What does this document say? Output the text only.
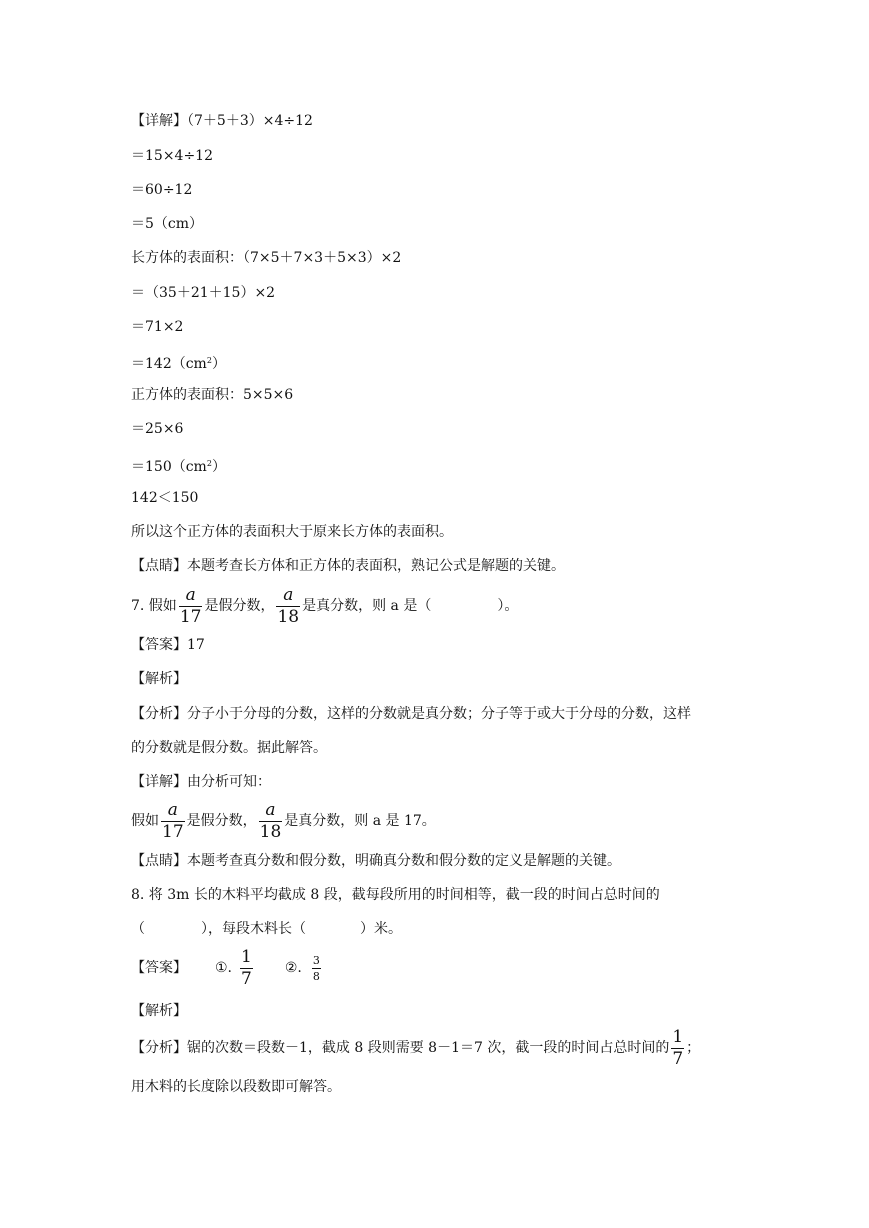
【详解】（7＋5＋3）×4÷12
＝15×4÷12
＝60÷12
＝5（cm）
长方体的表面积：（7×5＋7×3＋5×3）×2
＝（35＋21＋15）×2
＝71×2
$=142(cm^2)$
正方体的表面积：5×5×6
＝25×6
$=150(cm^2)$
142＜150
所以这个正方体的表面积大于原来长方体的表面积。
【点睛】本题考查长方体和正方体的表面积，熟记公式是解题的关键。
7. 假如 $\frac{a}{17}$ 是假分数， $\frac{a}{18}$ 是真分数，则 a 是（	）。
【答案】17
【解析】
【分析】分子小于分母的分数，这样的分数就是真分数；分子等于或大于分母的分数，这样
的分数就是假分数。据此解答。
【详解】由分析可知：
假如 $\frac{a}{17}$ 是假分数， $\frac{a}{18}$ 是真分数，则 a 是 17。
【点睛】本题考查真分数和假分数，明确真分数和假分数的定义是解题的关键。
8. 将 3m 长的木料平均截成 8 段，截每段所用的时间相等，截一段的时间占总时间的
（	），每段木料长（	）米。
【答案】 ①. $\frac{1}{7}$ ②. $\frac{3}{8}$
【解析】
【分析】锯的次数＝段数－1，截成 8 段则需要 8－1＝7 次，截一段的时间占总时间的 $\frac{1}{7}$ ；
用木料的长度除以段数即可解答。
